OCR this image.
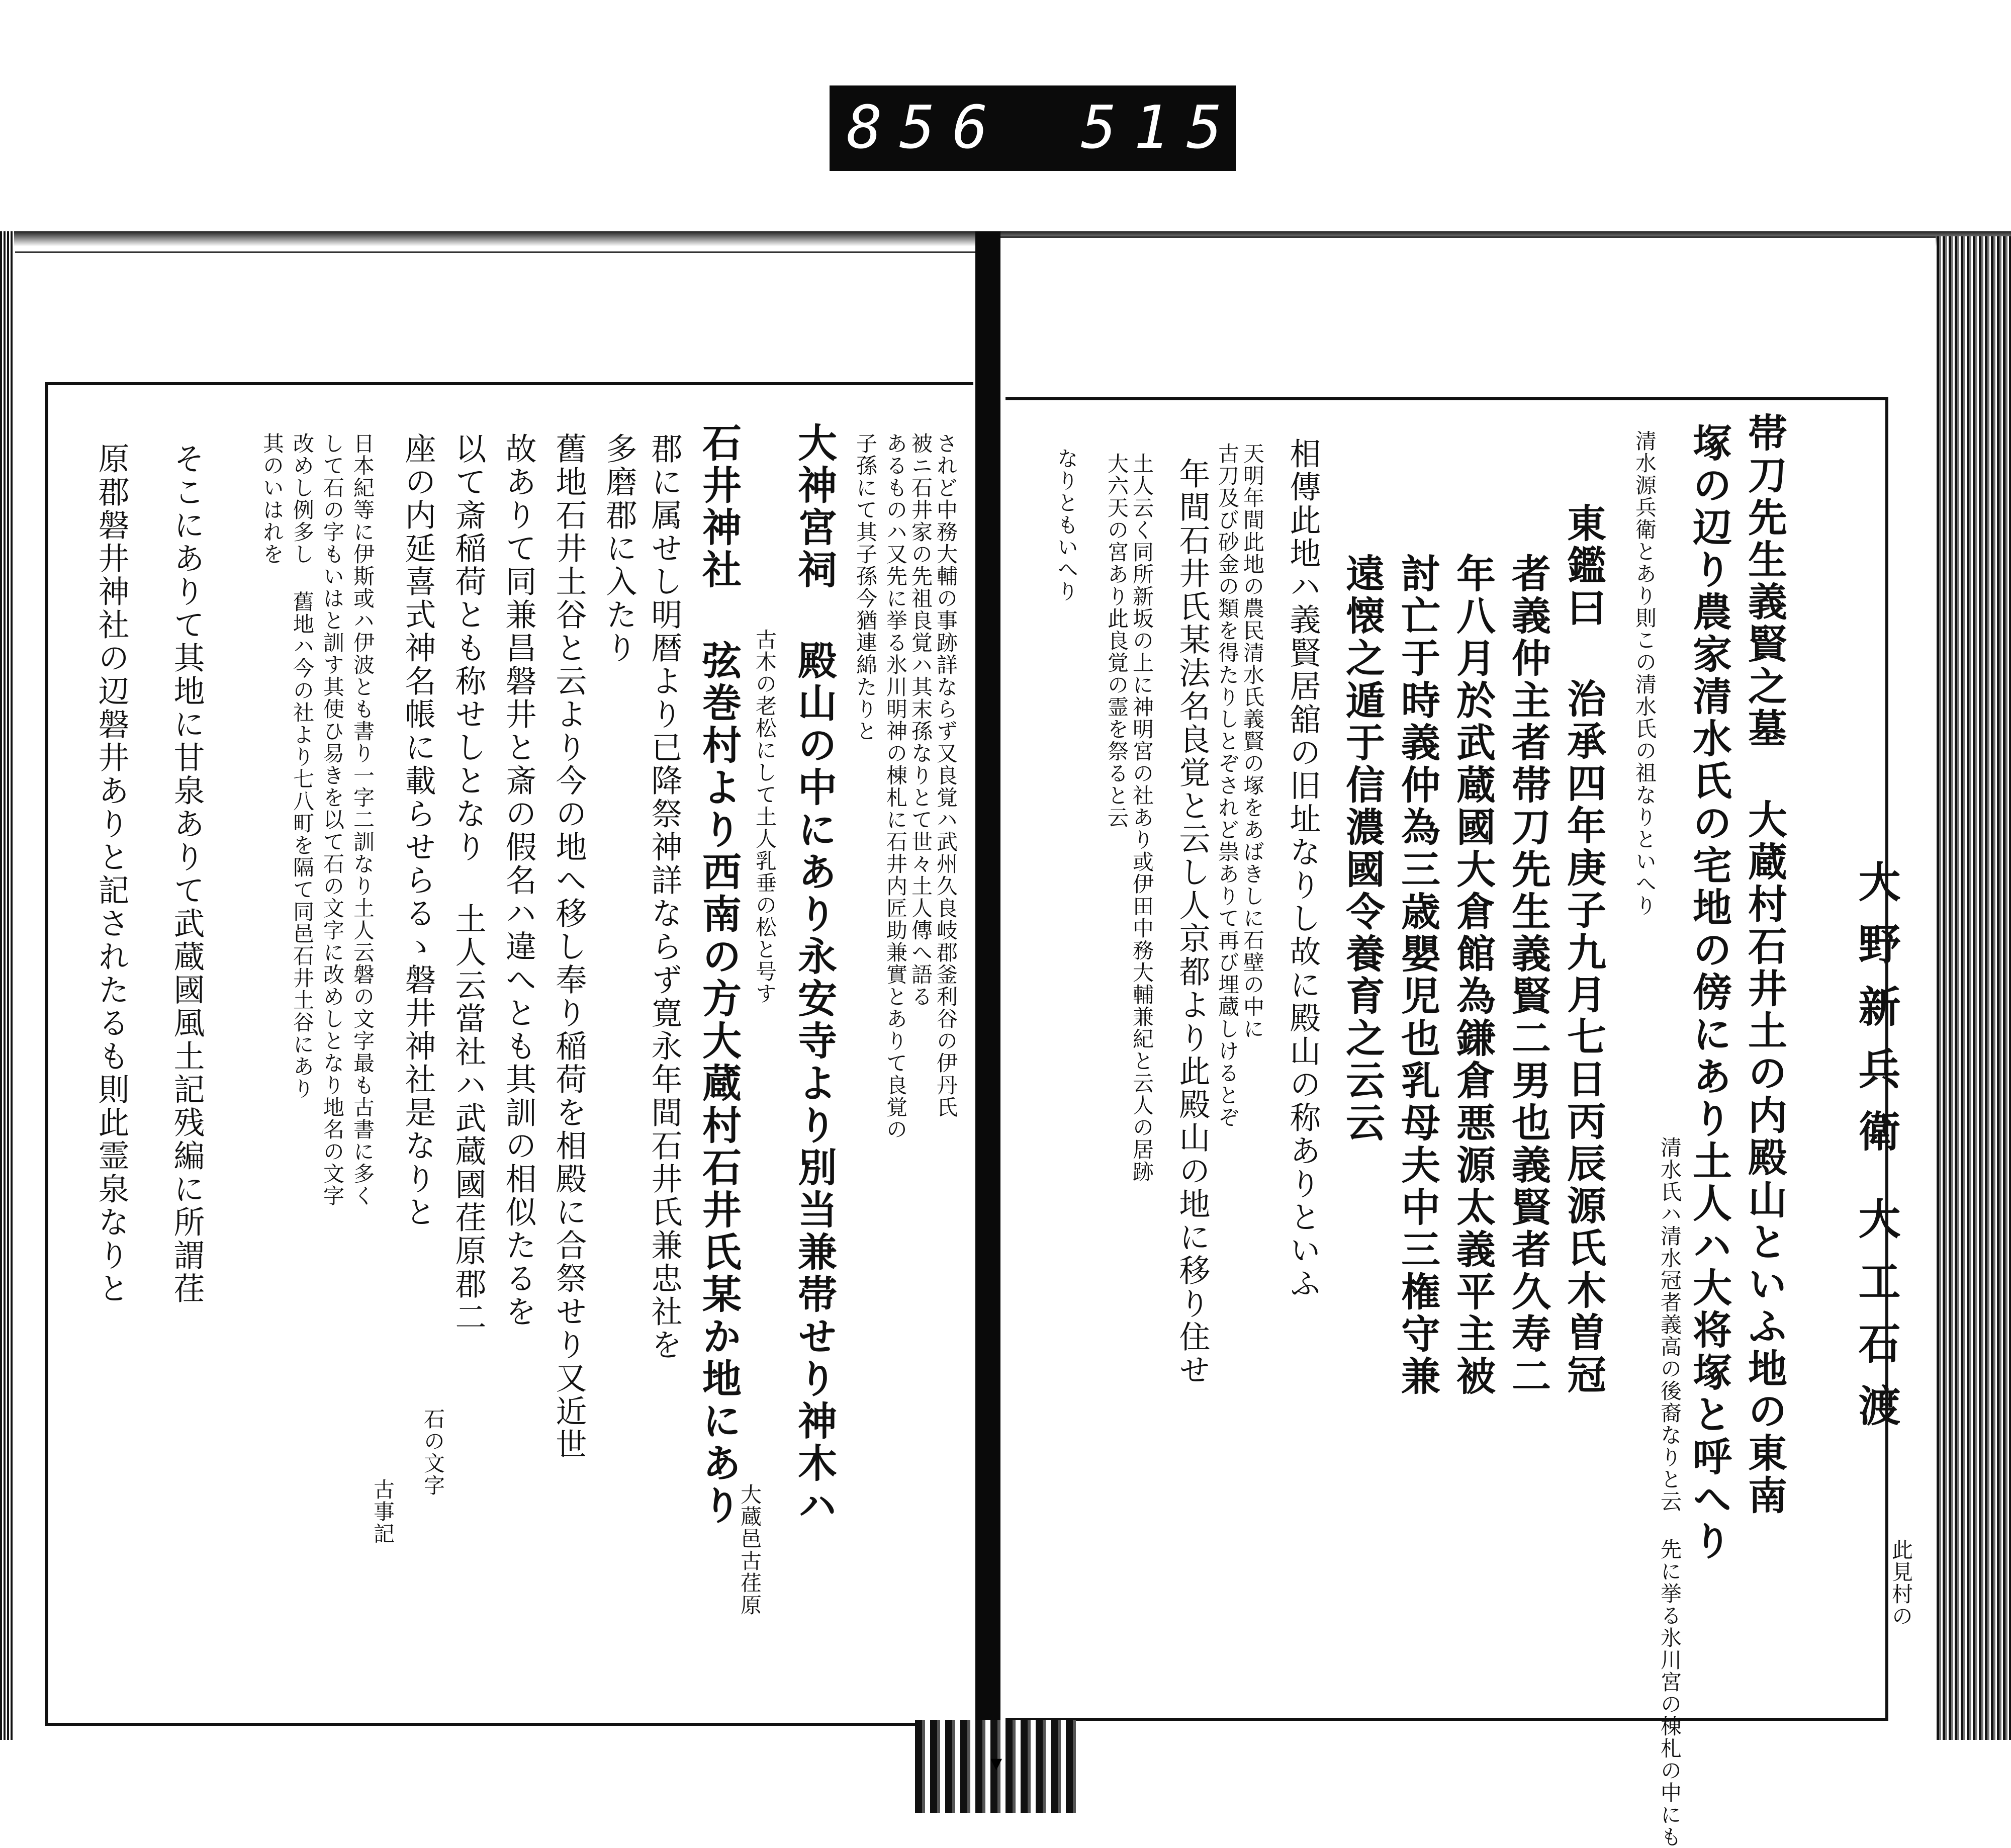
856 515
▼
大野新兵衛
大工石渡
帯刀先生義賢之墓 大蔵村石井土の内殿山といふ地の東南
塚の辺り農家清水氏の宅地の傍にあり土人ハ大将塚と呼へり
清水源兵衛とあり則この清水氏の祖なりといへり
東鑑曰 治承四年庚子九月七日丙辰源氏木曽冠
者義仲主者帯刀先生義賢二男也義賢者久寿二
年八月於武蔵國大倉館為鎌倉悪源太義平主被
討亡于時義仲為三歳嬰児也乳母夫中三権守兼
遠懐之遁于信濃國令養育之云云
相傳此地ハ義賢居舘の旧址なりし故に殿山の称ありといふ
天明年間此地の農民清水氏義賢の塚をあばきしに石壁の中に
古刀及び砂金の類を得たりしとぞされど祟ありて再び埋蔵しけるとぞ
年間石井氏某法名良覚と云し人京都より此殿山の地に移り住せ
土人云く同所新坂の上に神明宮の社あり或伊田中務大輔兼紀と云人の居跡
大六天の宮あり此良覚の霊を祭ると云
なりともいへり
清水氏ハ清水冠者義高の後裔なりと云 先に挙る氷川宮の棟札の中にも	此見村の
されど中務大輔の事跡詳ならず又良覚ハ武州久良岐郡釜利谷の伊丹氏
被ニ石井家の先祖良覚ハ其末孫なりとて世々土人傳へ語る
あるものハ又先に挙る氷川明神の棟札に石井内匠助兼實とありて良覚の
子孫にて其子孫今猶連綿たりと
大神宮祠 殿山の中にあり永安寺より別当兼帯せり神木ハ
古木の老松にして土人乳垂の松と号す
石井神社 弦巻村より西南の方大蔵村石井氏某か地にあり
郡に属せし明暦より已降祭神詳ならず寛永年間石井氏兼忠社を
多磨郡に入たり
舊地石井土谷と云より今の地へ移し奉り稲荷を相殿に合祭せり又近世
故ありて同兼昌磐井と斎の假名ハ違へとも其訓の相似たるを
以て斎稲荷とも称せしとなり 土人云當社ハ武蔵國荏原郡二
座の内延喜式神名帳に載らせらるゝ磐井神社是なりと
日本紀等に伊斯或ハ伊波とも書り一字二訓なり土人云磐の文字最も古書に多く
して石の字もいはと訓す其使ひ易きを以て石の文字に改めしとなり地名の文字
改めし例多し 舊地ハ今の社より七八町を隔て同邑石井土谷にあり
其のいはれを
そこにありて其地に甘泉ありて武蔵國風土記残編に所謂荏
原郡磐井神社の辺磐井ありと記されたるも則此霊泉なりと
古事記
石の文字
大蔵邑古荏原
